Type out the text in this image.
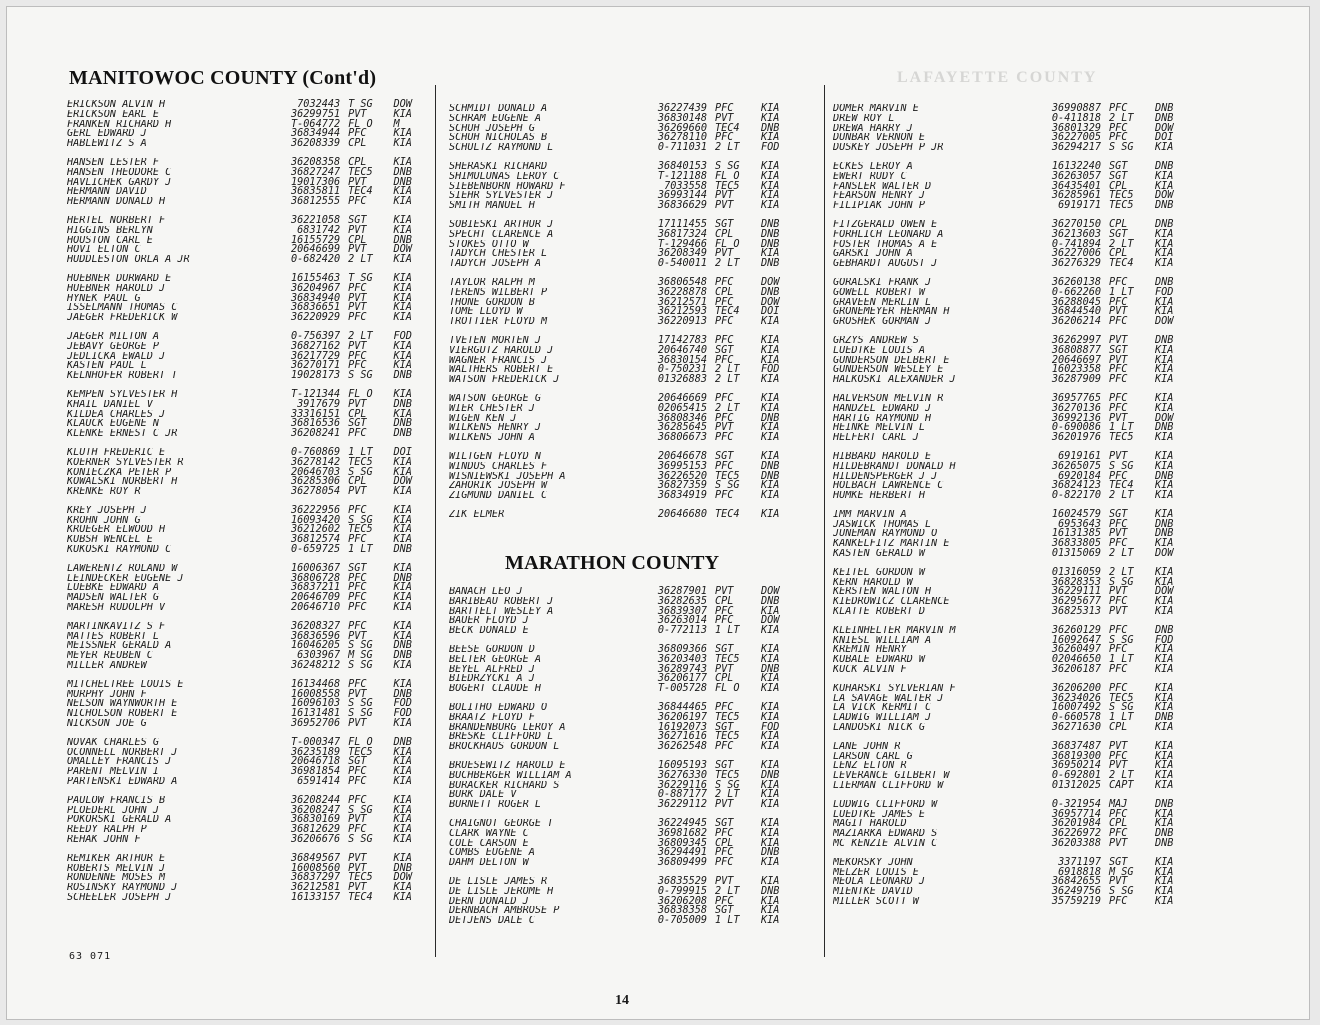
LAFAYETTE COUNTY
MANITOWOC COUNTY (Cont'd)
ERICKSON ALVIN H	7032443 T SG	DOW
ERICKSON EARL E	36299751 PVT	KIA
FRANKEN RICHARD H	T-064772 FL O	M
GERL EDWARD J	36834944 PFC	KIA
HABLEWITZ S A	36208339 CPL	KIA
HANSEN LESTER F	36208358 CPL	KIA
HANSEN THEODORE C	36827247 TEC5	DNB
HAVLICHEK GARDY J	19017306 PVT	DNB
HERMANN DAVID	36835811 TEC4	KIA
HERMANN DONALD H	36812555 PFC	KIA
HERTEL NORBERT F	36221058 SGT	KIA
HIGGINS BERLYN	6831742 PVT	KIA
HOUSTON CARL E	16155729 CPL	DNB
HOVI ELTON C	20646699 PVT	DOW
HUDDLESTON ORLA A JR	0-682420 2 LT	KIA
HUEBNER DURWARD E	16155463 T SG	KIA
HUEBNER HAROLD J	36204967 PFC	KIA
HYNEK PAUL G	36834940 PVT	KIA
ISSELMANN THOMAS C	36836651 PVT	KIA
JAEGER FREDERICK W	36220929 PFC	KIA
JAEGER MILTON A	0-756397 2 LT	FOD
JEBAVY GEORGE P	36827162 PVT	KIA
JEDLICKA EWALD J	36217729 PFC	KIA
KASTEN PAUL L	36270171 PFC	KIA
KELNHOFER ROBERT T	19028173 S SG	DNB
KEMPEN SYLVESTER H	T-121344 FL O	KIA
KHAIL DANIEL V	3917679 PVT	DNB
KILDEA CHARLES J	33316151 CPL	KIA
KLAUCK EUGENE N	36816536 SGT	DNB
KLENKE ERNEST C JR	36208241 PFC	DNB
KLUTH FREDERIC E	0-760869 1 LT	DOI
KOERNER SYLVESTER R	36278142 TEC5	KIA
KONIECZKA PETER P	20646703 S SG	KIA
KOWALSKI NORBERT H	36285306 CPL	DOW
KRENKE ROY R	36278054 PVT	KIA
KREY JOSEPH J	36222956 PFC	KIA
KROHN JOHN G	16093420 S SG	KIA
KRUEGER ELWOOD H	36212602 TEC5	KIA
KUBSH WENCEL E	36812574 PFC	KIA
KUKOSKI RAYMOND C	0-659725 1 LT	DNB
LAWERENTZ ROLAND W	16006367 SGT	KIA
LEINDECKER EUGENE J	36806728 PFC	DNB
LUEBKE EDWARD A	36837211 PFC	KIA
MADSEN WALTER G	20646709 PFC	KIA
MARESH RUDOLPH V	20646710 PFC	KIA
MARTINKAVITZ S F	36208327 PFC	KIA
MATTES ROBERT L	36836596 PVT	KIA
MEISSNER GERALD A	16046205 S SG	DNB
MEYER REUBEN C	6303967 M SG	DNB
MILLER ANDREW	36248212 S SG	KIA
MITCHELTREE LOUIS E	16134468 PFC	KIA
MURPHY JOHN F	16008558 PVT	DNB
NELSON WAYNWORTH E	16096103 S SG	FOD
NICHOLSON ROBERT E	16131481 S SG	FOD
NICKSON JOE G	36952706 PVT	KIA
NOVAK CHARLES G	T-000347 FL O	DNB
OCONNELL NORBERT J	36235189 TEC5	KIA
OMALLEY FRANCIS J	20646718 SGT	KIA
PARENT MELVIN I	36981854 PFC	KIA
PARTENSKI EDWARD A	6591414 PFC	KIA
PAULOW FRANCIS B	36208244 PFC	KIA
PLOEDERL JOHN J	36208247 S SG	KIA
POKORSKI GERALD A	36830169 PVT	KIA
REEDY RALPH P	36812629 PFC	KIA
REHAK JOHN F	36206676 S SG	KIA
REMIKER ARTHUR E	36849567 PVT	KIA
ROBERTS MELVIN J	16008560 PVT	DNB
RONDENNE MOSES M	36837297 TEC5	DOW
ROSINSKY RAYMOND J	36212581 PVT	KIA
SCHEELER JOSEPH J	16133157 TEC4	KIA
SCHMIDT DONALD A	36227439 PFC	KIA
SCHRAM EUGENE A	36830148 PVT	KIA
SCHUH JOSEPH G	36269660 TEC4	DNB
SCHUH NICHOLAS B	36278110 PFC	KIA
SCHULTZ RAYMOND L	0-711031 2 LT	FOD
SHERASKI RICHARD	36840153 S SG	KIA
SHIMULUNAS LEROY C	T-121188 FL O	KIA
SIEBENBORN HOWARD F	7033558 TEC5	KIA
SIEHR SYLVESTER J	36993144 PVT	KIA
SMITH MANUEL H	36836629 PVT	KIA
SOBIESKI ARTHUR J	17111455 SGT	DNB
SPECHT CLARENCE A	36817324 CPL	DNB
STOKES OTTO W	T-129466 FL O	DNB
TADYCH CHESTER L	36208349 PVT	KIA
TADYCH JOSEPH A	0-540011 2 LT	DNB
TAYLOR RALPH M	36806548 PFC	DOW
TERENS WILBERT P	36228878 CPL	DNB
THONE GORDON B	36212571 PFC	DOW
TOME LLOYD W	36212593 TEC4	DOI
TROTTIER FLOYD M	36220913 PFC	KIA
TVETEN MORTEN J	17142783 PFC	KIA
VIERGUTZ HAROLD J	20646740 SGT	KIA
WAGNER FRANCIS J	36830154 PFC	KIA
WALTHERS ROBERT E	0-750231 2 LT	FOD
WATSON FREDERICK J	01326883 2 LT	KIA
WATSON GEORGE G	20646669 PFC	KIA
WIER CHESTER J	02065415 2 LT	KIA
WIGEN KEN J	36808346 PFC	DNB
WILKENS HENRY J	36285645 PVT	KIA
WILKENS JOHN A	36806673 PFC	KIA
WILTGEN FLOYD N	20646678 SGT	KIA
WINDUS CHARLES F	36995153 PFC	DNB
WISNIEWSKI JOSEPH A	36226520 TEC5	DNB
ZAHORIK JOSEPH W	36827359 S SG	KIA
ZIGMUND DANIEL C	36834919 PFC	KIA
ZIK ELMER	20646680 TEC4	KIA
MARATHON COUNTY
BANACH LEO J	36287901 PVT	DOW
BARIBEAU ROBERT J	36282635 CPL	DNB
BARTTELT WESLEY A	36839307 PFC	KIA
BAUER FLOYD J	36263014 PFC	DOW
BECK DONALD E	0-772113 1 LT	KIA
BEESE GORDON D	36809366 SGT	KIA
BELTER GEORGE A	36203403 TEC5	KIA
BEYEL ALFRED J	36289743 PVT	DNB
BIEDRZYCKI A J	36206177 CPL	KIA
BOGERT CLAUDE H	T-005728 FL O	KIA
BOLITHO EDWARD O	36844465 PFC	KIA
BRAATZ FLOYD F	36206197 TEC5	KIA
BRANDENBURG LEROY A	16192073 SGT	FOD
BRESKE CLIFFORD L	36271616 TEC5	KIA
BROCKHAUS GORDON L	36262548 PFC	KIA
BRUESEWITZ HAROLD E	16095193 SGT	KIA
BUCHBERGER WILLIAM A	36276330 TEC5	DNB
BURACKER RICHARD S	36229116 S SG	KIA
BURK DALE V	0-887177 2 LT	KIA
BURNETT ROGER L	36229112 PVT	KIA
CHAIGNOT GEORGE T	36224945 SGT	KIA
CLARK WAYNE C	36981682 PFC	KIA
COLE CARSON E	36809345 CPL	KIA
COMBS EUGENE A	36294491 PFC	DNB
DAHM DELTON W	36809499 PFC	KIA
DE LISLE JAMES R	36835529 PVT	KIA
DE LISLE JEROME H	0-799915 2 LT	DNB
DERN DONALD J	36206208 PFC	KIA
DERNBACH AMBROSE P	36838358 SGT	KIA
DETJENS DALE C	0-705009 1 LT	KIA
DOMER MARVIN E	36990887 PFC	DNB
DREW ROY L	0-411818 2 LT	DNB
DREWA HARRY J	36801329 PFC	DOW
DUNBAR VERNON E	36227005 PFC	DOI
DUSKEY JOSEPH P JR	36294217 S SG	KIA
ECKES LEROY A	16132240 SGT	DNB
EWERT RUDY C	36263057 SGT	KIA
FANSLER WALTER D	36435401 CPL	KIA
FEARSON HENRY J	36285961 TEC5	DOW
FILIPIAK JOHN P	6919171 TEC5	DNB
FITZGERALD OWEN E	36270150 CPL	DNB
FORHLICH LEONARD A	36213603 SGT	KIA
FOSTER THOMAS A E	0-741894 2 LT	KIA
GARSKI JOHN A	36227006 CPL	KIA
GEBHARDT AUGUST J	36276329 TEC4	KIA
GORALSKI FRANK J	36260138 PFC	DNB
GOWELL ROBERT W	0-662260 1 LT	FOD
GRAVEEN MERLIN L	36288045 PFC	KIA
GRONEMEYER HERMAN H	36844540 PVT	KIA
GROSHEK GORMAN J	36206214 PFC	DOW
GRZYS ANDREW S	36262997 PVT	DNB
LUEDTKE LOUIS A	36808877 SGT	KIA
GUNDERSON DELBERT E	20646697 PVT	KIA
GUNDERSON WESLEY E	16023358 PFC	KIA
HALKOSKI ALEXANDER J	36287909 PFC	KIA
HALVERSON MELVIN R	36957765 PFC	KIA
HANDZEL EDWARD J	36270136 PFC	KIA
HARTIG RAYMOND H	36992136 PVT	DOW
HEINKE MELVIN L	0-690086 1 LT	DNB
HELFERT CARL J	36201976 TEC5	KIA
HIBBARD HAROLD E	6919161 PVT	KIA
HILDEBRANDT DONALD H	36265075 S SG	KIA
HILDENSPERGER J J	6920184 PFC	DNB
HOLBACH LAWRENCE C	36824123 TEC4	KIA
HUMKE HERBERT H	0-822170 2 LT	KIA
IMM MARVIN A	16024579 SGT	KIA
JASWICK THOMAS L	6953643 PFC	DNB
JUNEMAN RAYMOND O	16131385 PVT	DNB
KANKELFITZ MARTIN E	36833805 PFC	KIA
KASTEN GERALD W	01315069 2 LT	DOW
KEITEL GORDON W	01316059 2 LT	KIA
KERN HAROLD W	36828353 S SG	KIA
KERSTEN WALTON H	36229111 PVT	DOW
KIEDROWICZ CLARENCE	36295677 PFC	KIA
KLATTE ROBERT D	36825313 PVT	KIA
KLEINHELTER MARVIN M	36260129 PFC	DNB
KNIESL WILLIAM A	16092647 S SG	FOD
KREMIN HENRY	36260497 PFC	KIA
KUBALE EDWARD W	02046650 1 LT	KIA
KUCK ALVIN F	36206187 PFC	KIA
KUHARSKI SYLVERIAN F	36206200 PFC	KIA
LA SAVAGE WALTER J	36234026 TEC5	KIA
LA VICK KERMIT C	16007492 S SG	KIA
LADWIG WILLIAM J	0-660578 1 LT	DNB
LANDOSKI NICK G	36271630 CPL	KIA
LANE JOHN R	36837487 PVT	KIA
LARSON CARL G	36819300 PFC	KIA
LENZ ELTON R	36950214 PVT	KIA
LEVERANCE GILBERT W	0-692801 2 LT	KIA
LIERMAN CLIFFORD W	01312025 CAPT	KIA
LUDWIG CLIFFORD W	0-321954 MAJ	DNB
LUEDTKE JAMES E	36957714 PFC	KIA
MAGIT HAROLD	36201984 CPL	KIA
MAZIARKA EDWARD S	36226972 PFC	DNB
MC KENZIE ALVIN C	36203388 PVT	DNB
MEKORSKY JOHN	3371197 SGT	KIA
MELZER LOUIS E	6918818 M SG	KIA
MEOLA LEONARD J	36842655 PVT	KIA
MIENTKE DAVID	36249756 S SG	KIA
MILLER SCOTT W	35759219 PFC	KIA
63 071
14
